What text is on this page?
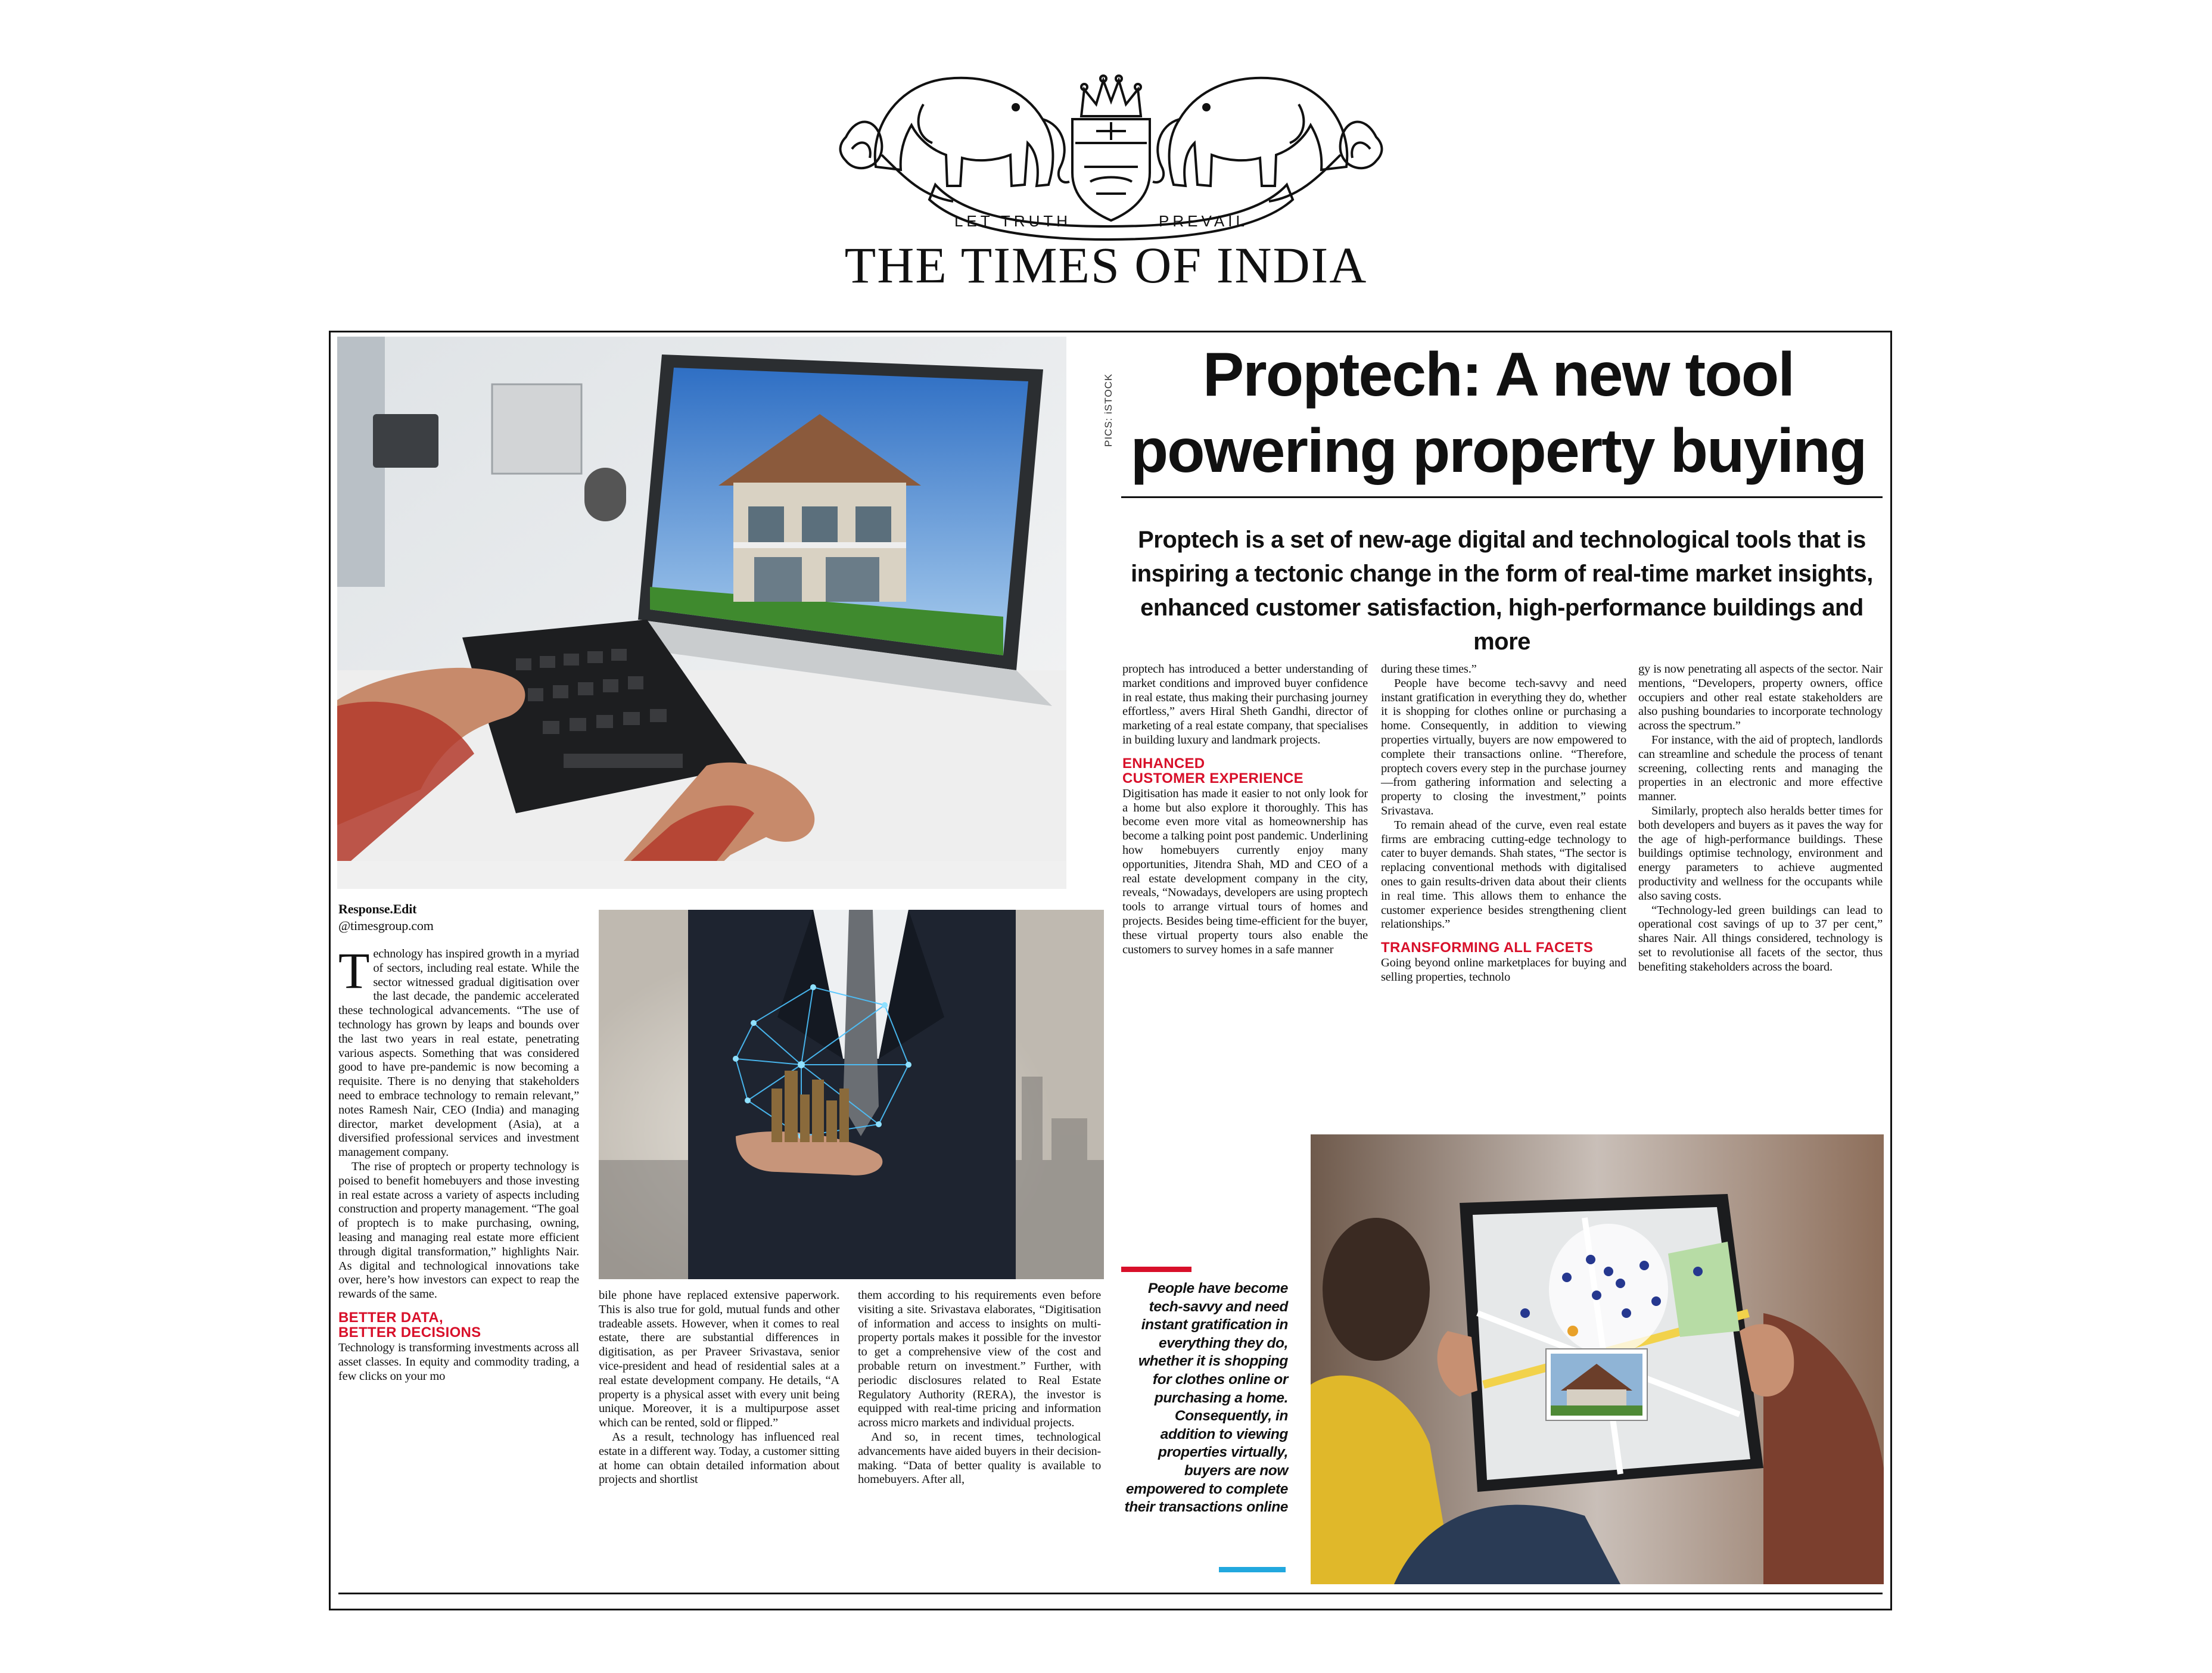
LET TRUTH	PREVAIL
THE TIMES OF INDIA
PICS: iSTOCK	Proptech: A new tool
powering property buying
Proptech is a set of new-age digital and technological tools that is
inspiring a tectonic change in the form of real-time market insights,
enhanced customer satisfaction, high-performance buildings and more
Response.Edit
@timesgroup.com

Technology has inspired growth in a myriad of sectors, including real estate. While the sector witnessed gradual digitisation over the last decade, the pandemic accelerated these technological advancements. “The use of technology has grown by leaps and bounds over the last two years in real estate, penetrating various aspects. Something that was considered good to have pre-pandemic is now becoming a requisite. There is no denying that stakeholders need to embrace technology to remain relevant,” notes Ramesh Nair, CEO (India) and managing director, market development (Asia), at a diversified professional services and investment management company.

The rise of proptech or property technology is poised to benefit homebuyers and those investing in real estate across a variety of aspects including construction and property management. “The goal of proptech is to make purchasing, owning, leasing and managing real estate more efficient through digital transformation,” highlights Nair. As digital and technological innovations take over, here’s how investors can expect to reap the rewards of the same.

BETTER DATA,
BETTER DECISIONS

Technology is transforming investments across all asset classes. In equity and commodity trading, a few clicks on your mo

bile phone have replaced extensive paperwork. This is also true for gold, mutual funds and other tradeable assets. However, when it comes to real estate, there are substantial differences in digitisation, as per Praveer Srivastava, senior vice-president and head of residential sales at a real estate development company. He details, “A property is a physical asset with every unit being unique. Moreover, it is a multipurpose asset which can be rented, sold or flipped.”

As a result, technology has influenced real estate in a different way. Today, a customer sitting at home can obtain detailed information about projects and shortlist

them according to his requirements even before visiting a site. Srivastava elaborates, “Digitisation of information and access to insights on multi-property portals makes it possible for the investor to get a comprehensive view of the cost and probable return on investment.” Further, with periodic disclosures related to Real Estate Regulatory Authority (RERA), the investor is equipped with real-time pricing and information across micro markets and individual projects.

And so, in recent times, technological advancements have aided buyers in their decision-making. “Data of better quality is available to homebuyers. After all,

proptech has introduced a better understanding of market conditions and improved buyer confidence in real estate, thus making their purchasing journey effortless,” avers Hiral Sheth Gandhi, director of marketing of a real estate company, that specialises in building luxury and landmark projects.

ENHANCED
CUSTOMER EXPERIENCE

Digitisation has made it easier to not only look for a home but also explore it thoroughly. This has become even more vital as homeownership has become a talking point post pandemic. Underlining how homebuyers currently enjoy many opportunities, Jitendra Shah, MD and CEO of a real estate development company in the city, reveals, “Nowadays, developers are using proptech tools to arrange virtual tours of homes and projects. Besides being time-efficient for the buyer, these virtual property tours also enable the customers to survey homes in a safe manner

during these times.”

People have become tech-savvy and need instant gratification in everything they do, whether it is shopping for clothes online or purchasing a home. Consequently, in addition to viewing properties virtually, buyers are now empowered to complete their transactions online. “Therefore, proptech covers every step in the purchase journey—from gathering information and selecting a property to closing the investment,” points Srivastava.

To remain ahead of the curve, even real estate firms are embracing cutting-edge technology to cater to buyer demands. Shah states, “The sector is replacing conventional methods with digitalised ones to gain results-driven data about their clients in real time. This allows them to enhance the customer experience besides strengthening client relationships.”

TRANSFORMING ALL FACETS

Going beyond online marketplaces for buying and selling properties, technolo

gy is now penetrating all aspects of the sector. Nair mentions, “Developers, property owners, office occupiers and other real estate stakeholders are also pushing boundaries to incorporate technology across the spectrum.”

For instance, with the aid of proptech, landlords can streamline and schedule the process of tenant screening, collecting rents and managing the properties in an electronic and more effective manner.

Similarly, proptech also heralds better times for both developers and buyers as it paves the way for the age of high-performance buildings. These buildings optimise technology, environment and energy parameters to achieve augmented productivity and wellness for the occupants while also saving costs.

“Technology-led green buildings can lead to operational cost savings of up to 37 per cent,” shares Nair. All things considered, technology is set to revolutionise all facets of the sector, thus benefiting stakeholders across the board.

People have become tech-savvy and need instant gratification in everything they do, whether it is shopping for clothes online or purchasing a home. Consequently, in addition to viewing properties virtually, buyers are now empowered to complete their transactions online
